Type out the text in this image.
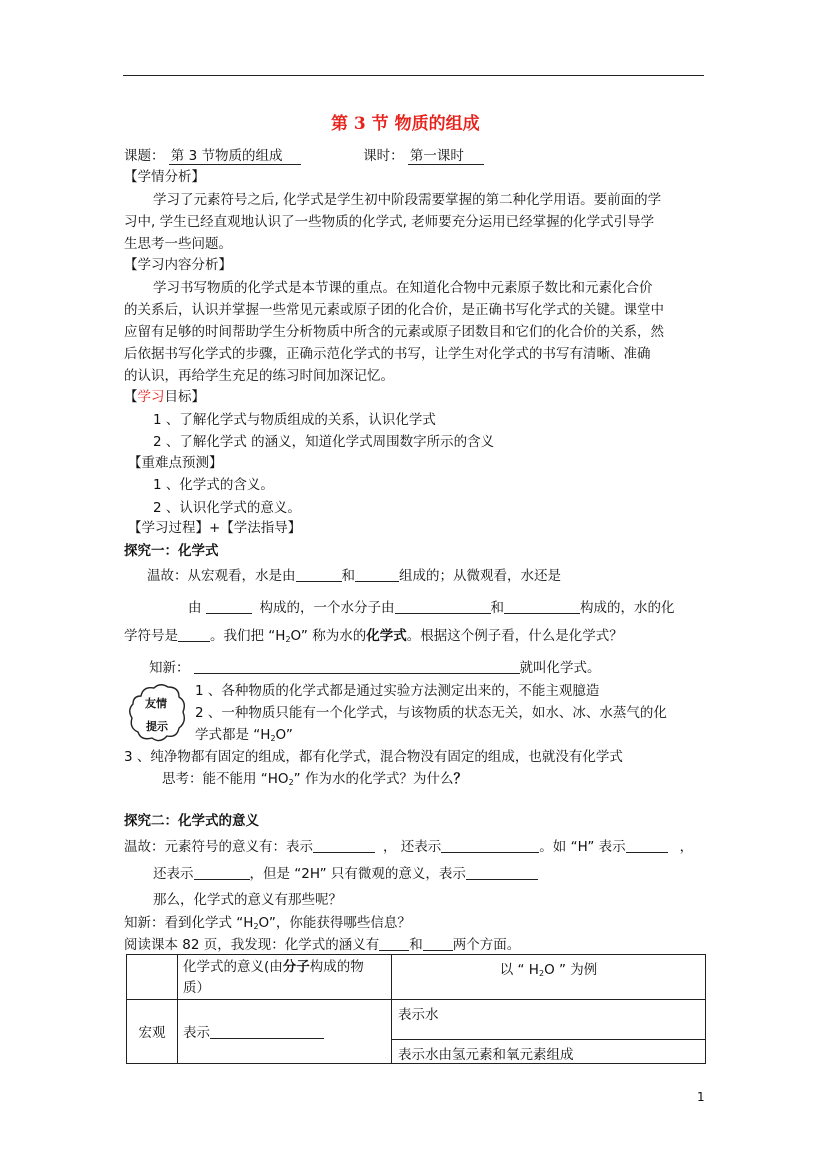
第 3 节 物质的组成
课题： 第 3 节物质的组成	课时： 第一课时
【学情分析】
学习了元素符号之后, 化学式是学生初中阶段需要掌握的第二种化学用语。要前面的学
习中, 学生已经直观地认识了一些物质的化学式, 老师要充分运用已经掌握的化学式引导学
生思考一些问题。
【学习内容分析】
学习书写物质的化学式是本节课的重点。在知道化合物中元素原子数比和元素化合价
的关系后，认识并掌握一些常见元素或原子团的化合价，是正确书写化学式的关键。课堂中
应留有足够的时间帮助学生分析物质中所含的元素或原子团数目和它们的化合价的关系，然
后依据书写化学式的步骤，正确示范化学式的书写，让学生对化学式的书写有清晰、准确
的认识，再给学生充足的练习时间加深记忆。
【学习目标】
1 、了解化学式与物质组成的关系，认识化学式
2 、了解化学式 的涵义，知道化学式周围数字所示的含义
【重难点预测】
1 、化学式的含义。
2 、认识化学式的意义。
【学习过程】+【学法指导】
探究一：化学式
温故：从宏观看，水是由	和	组成的；从微观看，水还是
由	构成的，一个水分子由	和	构成的，水的化
学符号是 。我们把 “$H_2O$” 称为水的化学式。根据这个例子看，什么是化学式？
知新：	就叫化学式。
友情
提示
1 、各种物质的化学式都是通过实验方法测定出来的，不能主观臆造
2 、一种物质只能有一个化学式，与该物质的状态无关，如水、冰、水蒸气的化
学式都是 “$H_2O$”
3 、纯净物都有固定的组成，都有化学式，混合物没有固定的组成，也就没有化学式
思考：能不能用 “$HO_2$” 作为水的化学式？为什么？
探究二：化学式的意义
温故：元素符号的意义有：表示	， 还表示	。如 “H” 表示	，
还表示	，但是 “2H” 只有微观的意义，表示
那么，化学式的意义有那些呢？
知新：看到化学式 “$H_2O$”，你能获得哪些信息？
阅读课本 82 页，我发现：化学式的涵义有 和 两个方面。
	化学式的意义(由分子构成的物
质）	以 “ $H_2O$ ” 为例
宏观	表示	表示水
		表示水由氢元素和氧元素组成
1
